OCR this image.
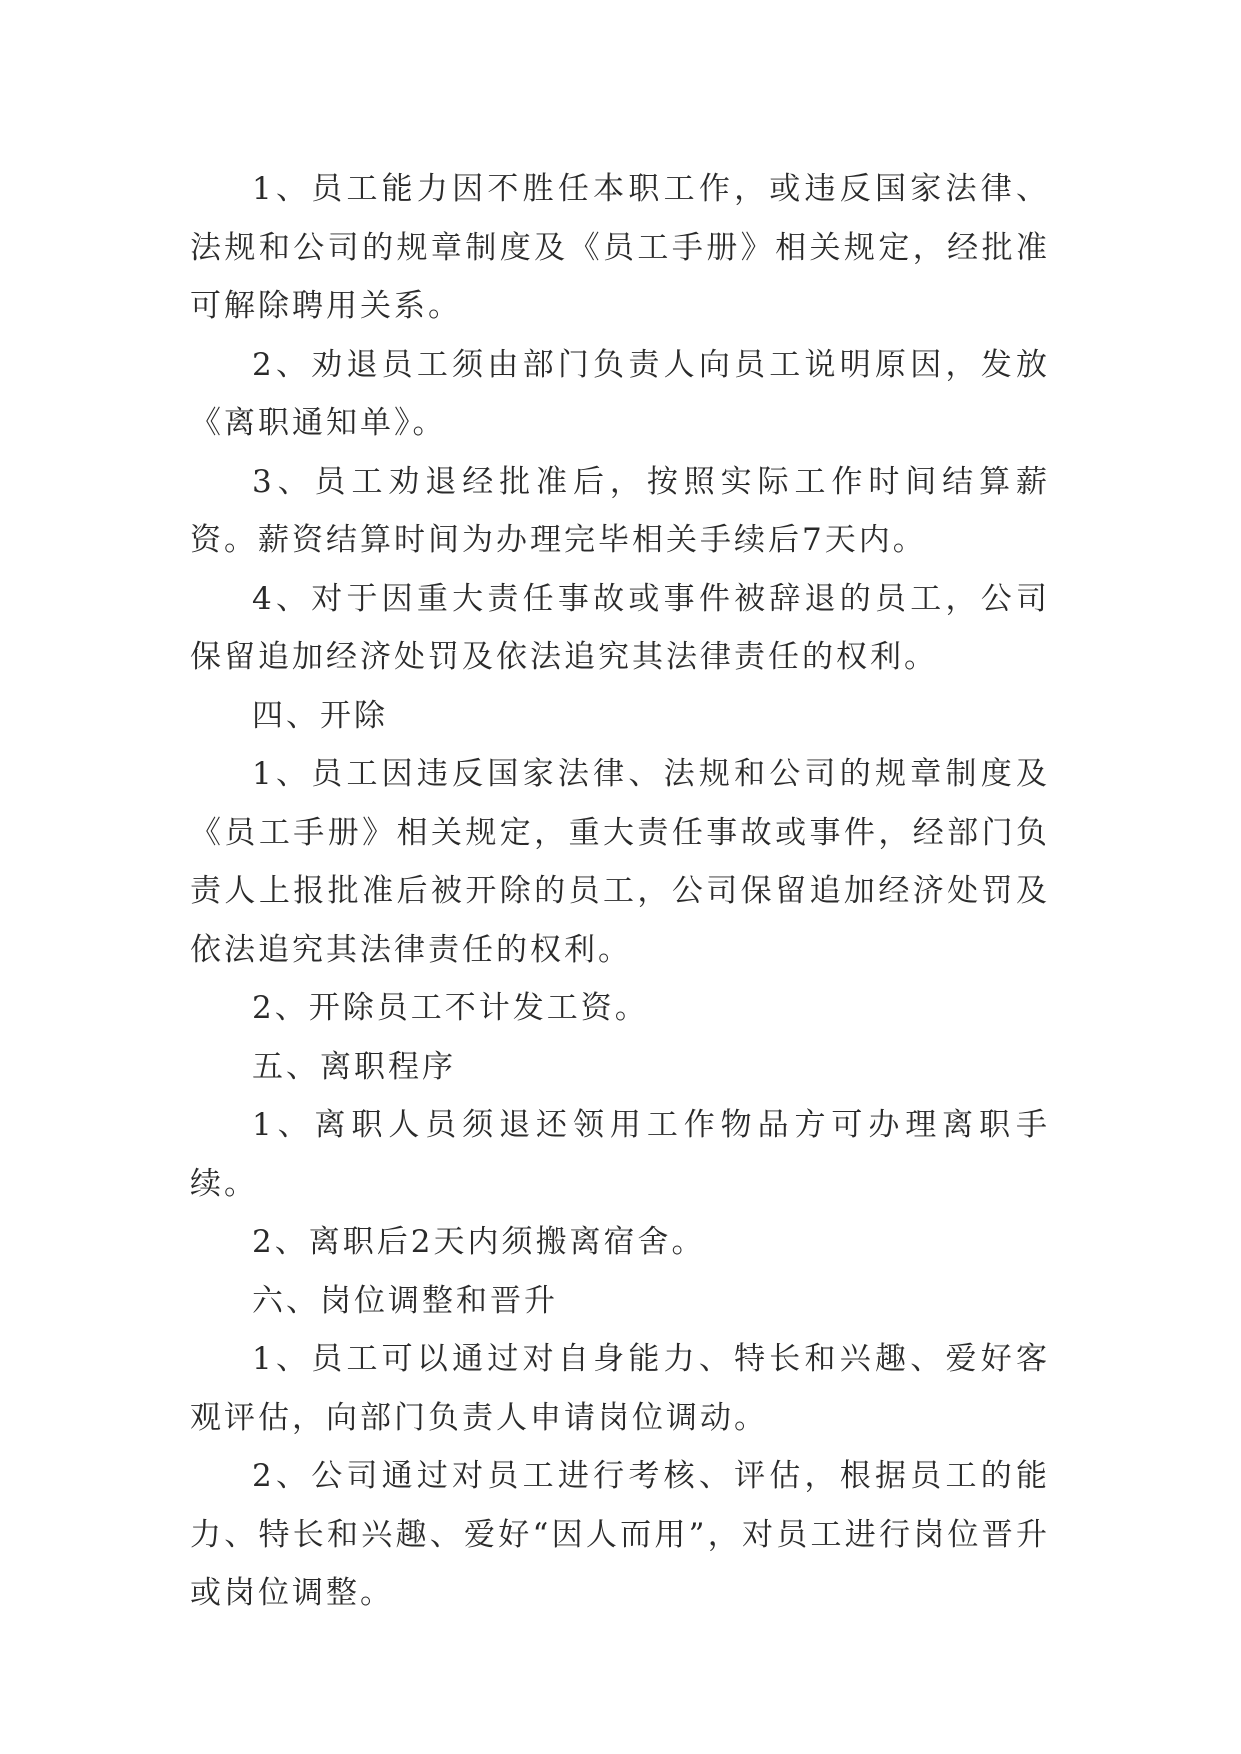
1、员工能力因不胜任本职工作，或违反国家法律、法规和公司的规章制度及《员工手册》相关规定，经批准可解除聘用关系。

2、劝退员工须由部门负责人向员工说明原因，发放《离职通知单》。

3、员工劝退经批准后，按照实际工作时间结算薪资。薪资结算时间为办理完毕相关手续后7天内。

4、对于因重大责任事故或事件被辞退的员工，公司保留追加经济处罚及依法追究其法律责任的权利。

四、开除

1、员工因违反国家法律、法规和公司的规章制度及《员工手册》相关规定，重大责任事故或事件，经部门负责人上报批准后被开除的员工，公司保留追加经济处罚及依法追究其法律责任的权利。

2、开除员工不计发工资。

五、离职程序

1、离职人员须退还领用工作物品方可办理离职手续。

2、离职后2天内须搬离宿舍。

六、岗位调整和晋升

1、员工可以通过对自身能力、特长和兴趣、爱好客观评估，向部门负责人申请岗位调动。

2、公司通过对员工进行考核、评估，根据员工的能力、特长和兴趣、爱好“因人而用”，对员工进行岗位晋升或岗位调整。
